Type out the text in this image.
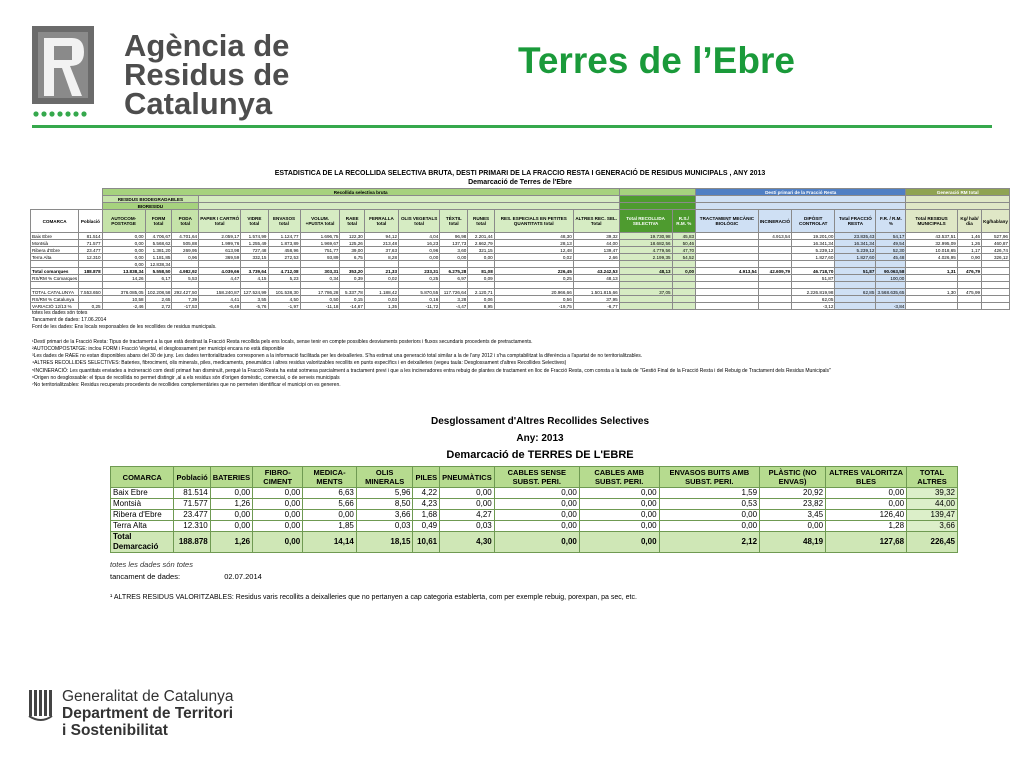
Agència de
Residus de
Catalunya
Terres de l’Ebre
ESTADISTICA DE LA RECOLLIDA SELECTIVA BRUTA, DESTI PRIMARI DE LA FRACCIO RESTA I GENERACIÓ DE RESIDUS MUNICIPALS , ANY 2013
Demarcació de Terres de l'Ebre
		Recollida selectiva bruta																Destí primari de la Fracció Resta					Generació RM total		
		RESIDUS BIODEGRADABLES																							
		BIORESIDU																							
COMARCA	Població	AUTOCOM-POSTATGE	FORM total	PODA total	PAPER I CARTRÓ total	VIDRE total	ENVASOS total	VOLUM. +PUSTA total	RAEE total	FERRALLA total	OLIS VEGETALS total	TÈXTIL total	RUNES total	RES. ESPECIALS EN PETITES QUANTITATS total	ALTRES REC. SEL. Total	Total RECOLLIDA SELECTIVA	R.S./ R.M. %	TRACTAMENT MECÀNIC BIOLÒGIC	INCINERACIÓ	DIPÒSIT CONTROLAT	Total FRACCIÓ RESTA	F.R. / R.M. %	Total RESIDUS MUNICIPALS	Kg/ hab/ dia	Kg/hab/any
Baix Ebre	81.514	0,00	4.706,67	4.701,64	2.059,17	1.574,99	1.124,77	1.696,75	122,30	94,12	4,04	96,98	2.201,44	48,30	39,32	19.730,98	45,83		4.913,54	19.201,00	23.835,43	54,17	43.537,51	1,46	527,96
Montsià	71.577	0,00	5.568,62	505,88	1.999,76	1.255,49	1.873,89	1.969,67	125,26	213,48	16,23	137,73	2.662,79	28,13	44,00	18.682,56	50,46			16.341,34	16.341,34	49,54	32.995,09	1,26	460,87
Ribera d'Ebre	23.477	0,00	1.381,20	269,95	613,98	727,48	458,96	751,77	39,00	37,63	0,96	3,60	321,15	12,48	139,47	4.779,56	47,70			5.239,12	5.239,12	52,30	10.018,65	1,17	426,74
Terra Alta	12.310	0,00	1.181,85	0,96	369,59	332,15	272,53	93,89	6,75	8,28	0,00	0,00	0,00	0,02	2,66	2.199,35	54,52			1.827,60	1.827,60	45,48	4.026,95	0,90	326,12
		0,00	12.838,34																						
Total comarques	188.878	13.838,34	5.558,50	4.982,92	4.039,66	3.739,64	4.712,08	303,31	353,20	21,33	233,31	6.275,28	81,08	226,45	43.242,53	48,13	0,00	4.913,54	42.609,79	46.718,70	51,87	90.063,58	1,31	476,79	
RS/RM % Comarques		14,26	6,17	5,53	4,47	4,15	5,23	0,34	0,39	0,02	0,25	6,97	0,09	0,25	48,13					51,87		100,00			

TOTAL CATALUNYA	7.553.650	376.085,05	102.208,58	292.427,50	158.240,87	127.524,99	101.538,30	17.786,28	5.337,78	1.188,42	5.870,55	117.726,64	2.120,71	20.966,66	1.501.815,66	37,05				2.226.819,98	62,85	3.568.635,65	1,30	475,99	
RS/RM % Catalunya		10,58	2,65	7,39	4,41	3,55	4,50	0,50	0,15	0,03	0,16	3,28	0,06	0,56	37,95					62,05					
VARIACIÓ 12/13 %	0,25	-2,46	2,72	-17,53	-6,49	-5,76	-1,97	-11,18	-14,67	1,35	-11,72	-4,47	8,95	-19,75	-6,77					-3,12		-3,84			
totes les dades són totes
Tancament de dades: 17.06.2014
Font de les dades: Ens locals responsables de les recollides de residus municipals.

¹Destí primari de la Fracció Resta: Tipus de tractament a la que està destinat la Fracció Resta recollida pels ens locals, sense tenir en compte possibles desviaments posteriors i fluxos secundaris procedents de pretractaments.
²AUTOCOMPOSTATGE: inclou FORM i Fracció Vegetal, el desglossament per municipi encara no està disponible
³Les dades de RAEE no estan disponibles abans del 30 de juny. Les dades territorialitzades corresponen a la informació facilitada per les deixalleries. S'ha estimat una generació total similar a la de l'any 2012 i s'ha comptabilitzat la diferència a l'apartat de no territorialitzables.
⁴ALTRES RECOLLIDES SELECTIVES: Bateries, fibrociment, olis minerals, piles, medicaments, pneumàtics i altres residus valoritzables recollits en punts específics i en deixalleries (vegeu taula: Desglossament d'altres Recollides Selectives)
⁵INCINERACIÓ: Les quantitats enviades a incineració com destí primari han disminuït, perquè la Fracció Resta ha estat sotmesa parcialment a tractament previ i que a les incineradores entra rebuig de plantes de tractament en lloc de Fracció Resta, com consta a la taula de "Gestió Final de la Fracció Resta i del Rebuig de Tractament dels Residus Municipals"
⁶Origen no desglossable: el tipus de recollida no permet distingir ,al a els residus són d'origen domèstic, comercial, o de serveis municipals
⁷No territorialitzables: Residus recuperats procedents de recollides complementàries que no permeten identificar el municipi on es generen.
Desglossament d'Altres Recollides Selectives
Any: 2013
Demarcació de TERRES DE L'EBRE
COMARCA	Població	BATERIES	FIBRO-CIMENT	MEDICA-MENTS	OLIS MINERALS	PILES	PNEUMÀTICS	CABLES SENSE SUBST. PERI.	CABLES AMB SUBST. PERI.	ENVASOS BUITS AMB SUBST. PERI.	PLÀSTIC (NO ENVAS)	ALTRES VALORITZA BLES	TOTAL ALTRES
Baix Ebre	81.514	0,00	0,00	6,63	5,96	4,22	0,00	0,00	0,00	1,59	20,92	0,00	39,32
Montsià	71.577	1,26	0,00	5,66	8,50	4,23	0,00	0,00	0,00	0,53	23,82	0,00	44,00
Ribera d'Ebre	23.477	0,00	0,00	0,00	3,66	1,68	4,27	0,00	0,00	0,00	3,45	126,40	139,47
Terra Alta	12.310	0,00	0,00	1,85	0,03	0,49	0,03	0,00	0,00	0,00	0,00	1,28	3,66
Total Demarcació	188.878	1,26	0,00	14,14	18,15	10,61	4,30	0,00	0,00	2,12	48,19	127,68	226,45
totes les dades són totes
tancament de dades:	02.07.2014
¹ ALTRES RESIDUS VALORITZABLES: Residus varis recollits a deixalleries que no pertanyen a cap categoria establerta, com per exemple rebuig, porexpan, pa sec, etc.
Generalitat de Catalunya
Department de Territori
i Sostenibilitat
